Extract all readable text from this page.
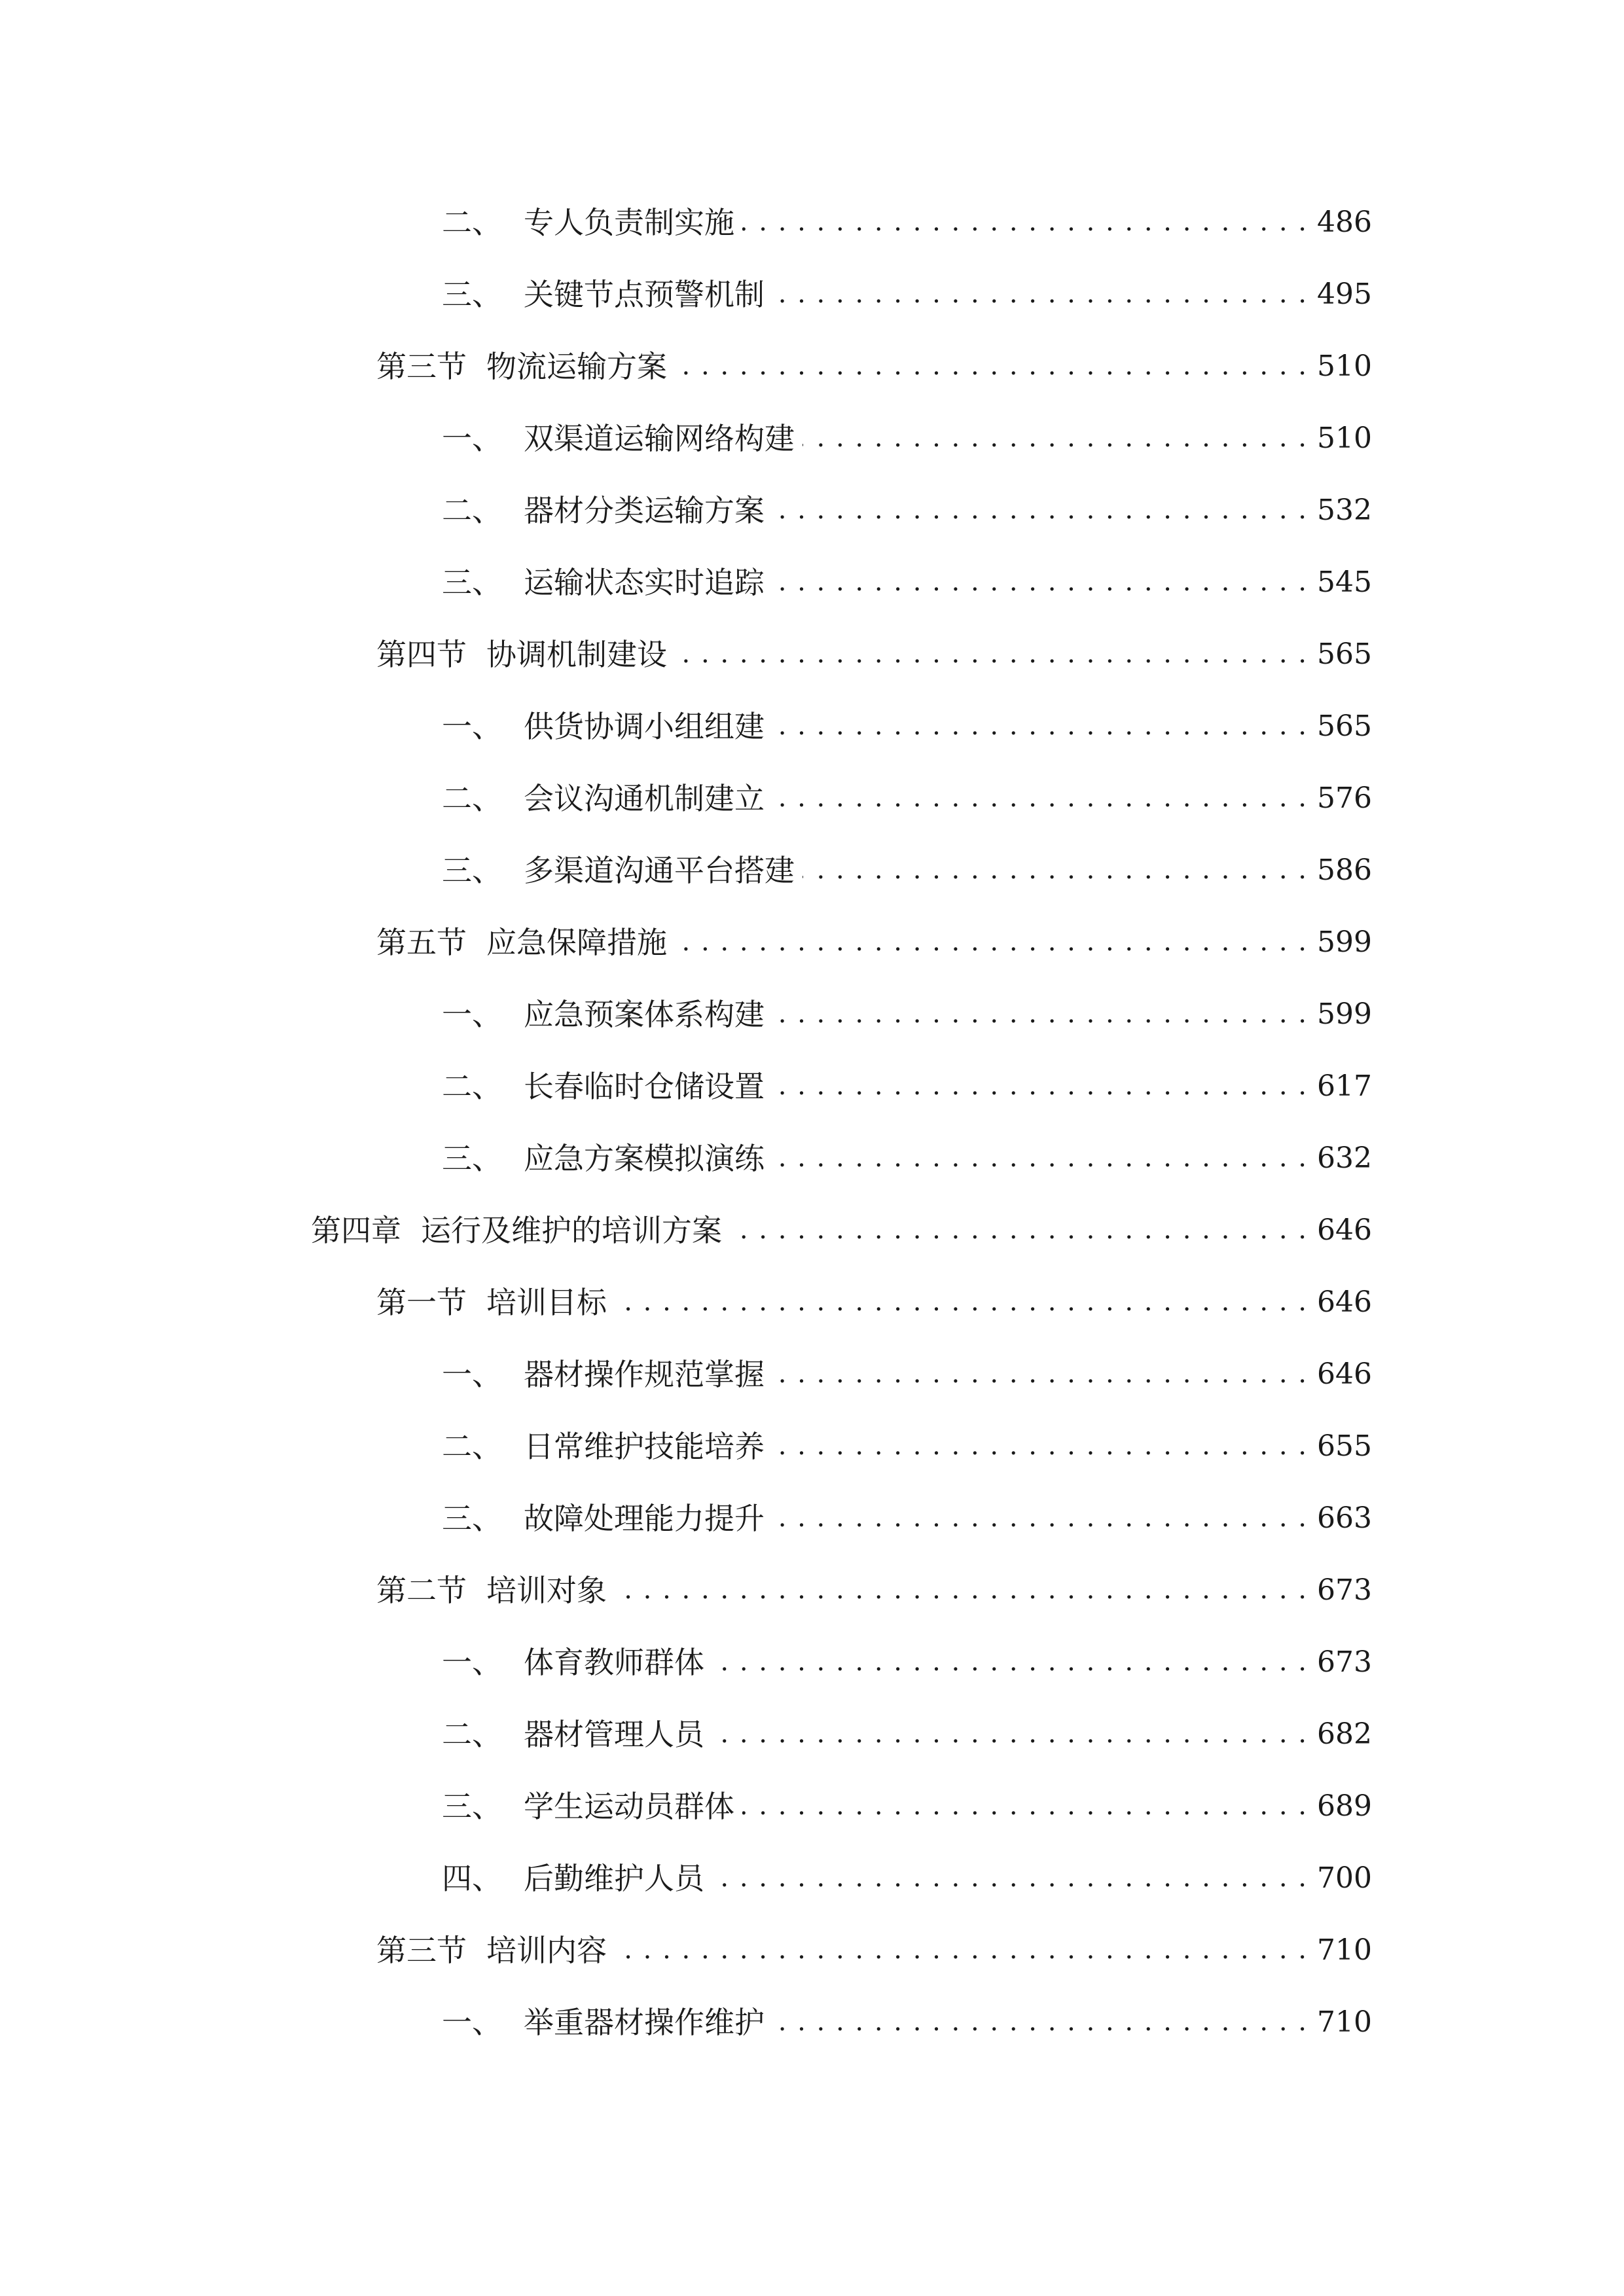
二、 专人负责制实施 . . .	486
三、 关键节点预警机制 . . .	495
第三节 物流运输方案 . . .	510
一、 双渠道运输网络构建 . . .	510
二、 器材分类运输方案 . . .	532
三、 运输状态实时追踪 . . .	545
第四节 协调机制建设 . . .	565
一、 供货协调小组组建 . . .	565
二、 会议沟通机制建立 . . .	576
三、 多渠道沟通平台搭建 . . .	586
第五节 应急保障措施 . . .	599
一、 应急预案体系构建 . . .	599
二、 长春临时仓储设置 . . .	617
三、 应急方案模拟演练 . . .	632
第四章 运行及维护的培训方案 . . .	646
第一节 培训目标 . . .	646
一、 器材操作规范掌握 . . .	646
二、 日常维护技能培养 . . .	655
三、 故障处理能力提升 . . .	663
第二节 培训对象 . . .	673
一、 体育教师群体 . . .	673
二、 器材管理人员 . . .	682
三、 学生运动员群体 . . .	689
四、 后勤维护人员 . . .	700
第三节 培训内容 . . .	710
一、 举重器材操作维护 . . .	710
